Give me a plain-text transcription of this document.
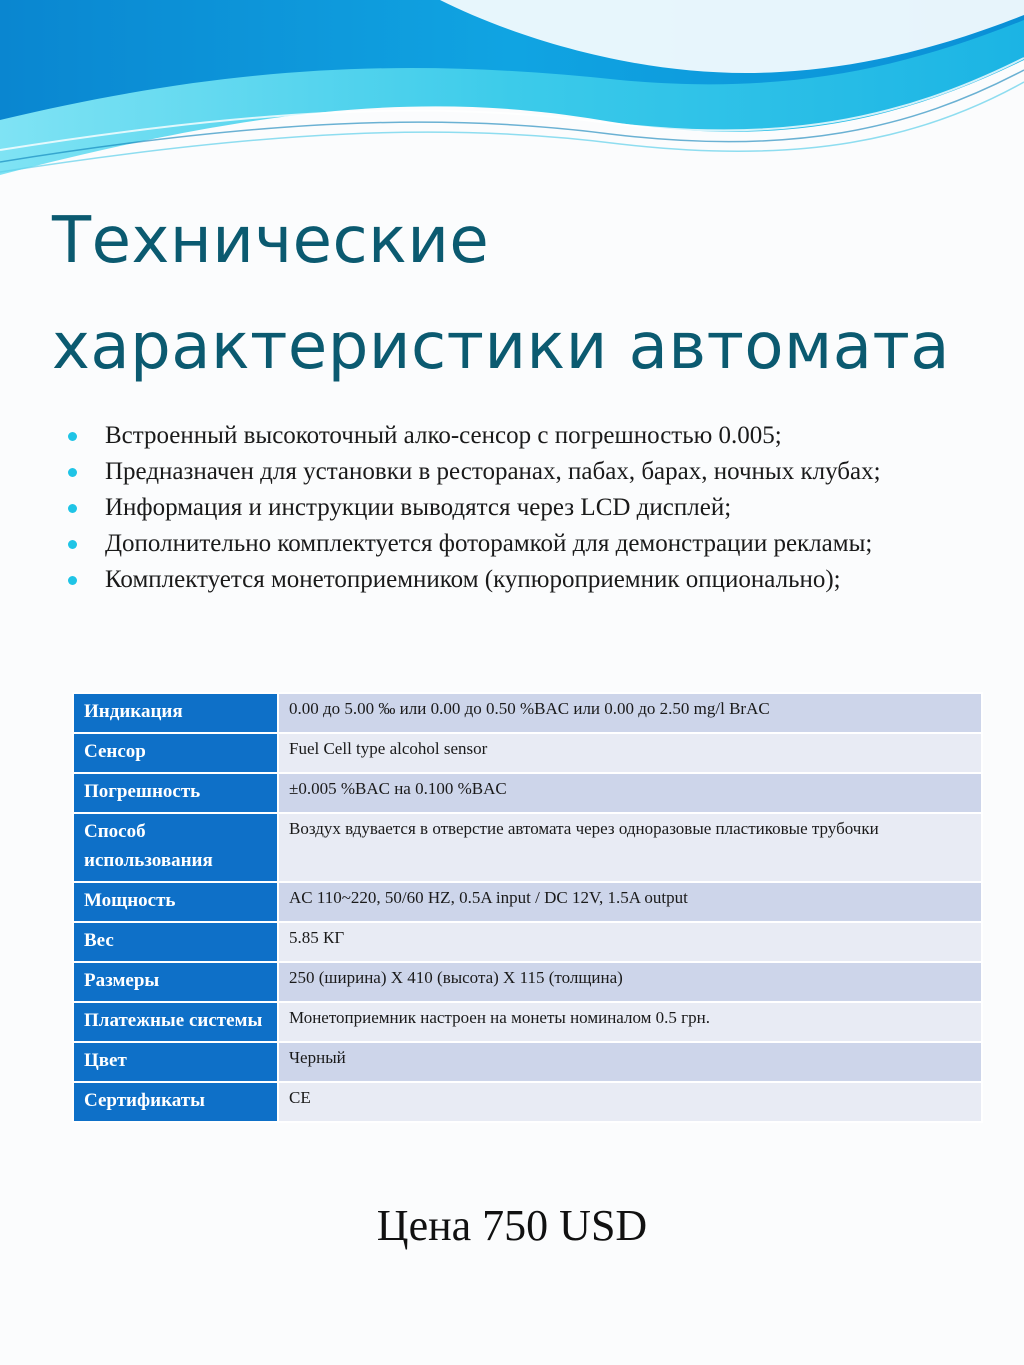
Технические
характеристики автомата
Встроенный высокоточный алко-сенсор с погрешностью 0.005;
Предназначен для установки в ресторанах, пабах, барах, ночных клубах;
Информация и инструкции выводятся через LCD дисплей;
Дополнительно комплектуется фоторамкой для демонстрации рекламы;
Комплектуется монетоприемником (купюроприемник опционально);
Индикация	0.00 до 5.00 ‰ или 0.00 до 0.50 %BAC или 0.00 до 2.50 mg/l BrAC
Сенсор	Fuel Cell type alcohol sensor
Погрешность	±0.005 %BAC на 0.100 %BAC
Способ использования	Воздух вдувается в отверстие автомата через одноразовые пластиковые трубочки
Мощность	AC 110~220, 50/60 HZ, 0.5A input / DC 12V, 1.5A output
Вес	5.85 КГ
Размеры	250 (ширина) X 410 (высота) X 115 (толщина)
Платежные системы	Монетоприемник настроен на монеты номиналом 0.5 грн.
Цвет	Черный
Сертификаты	CE
Цена 750 USD
